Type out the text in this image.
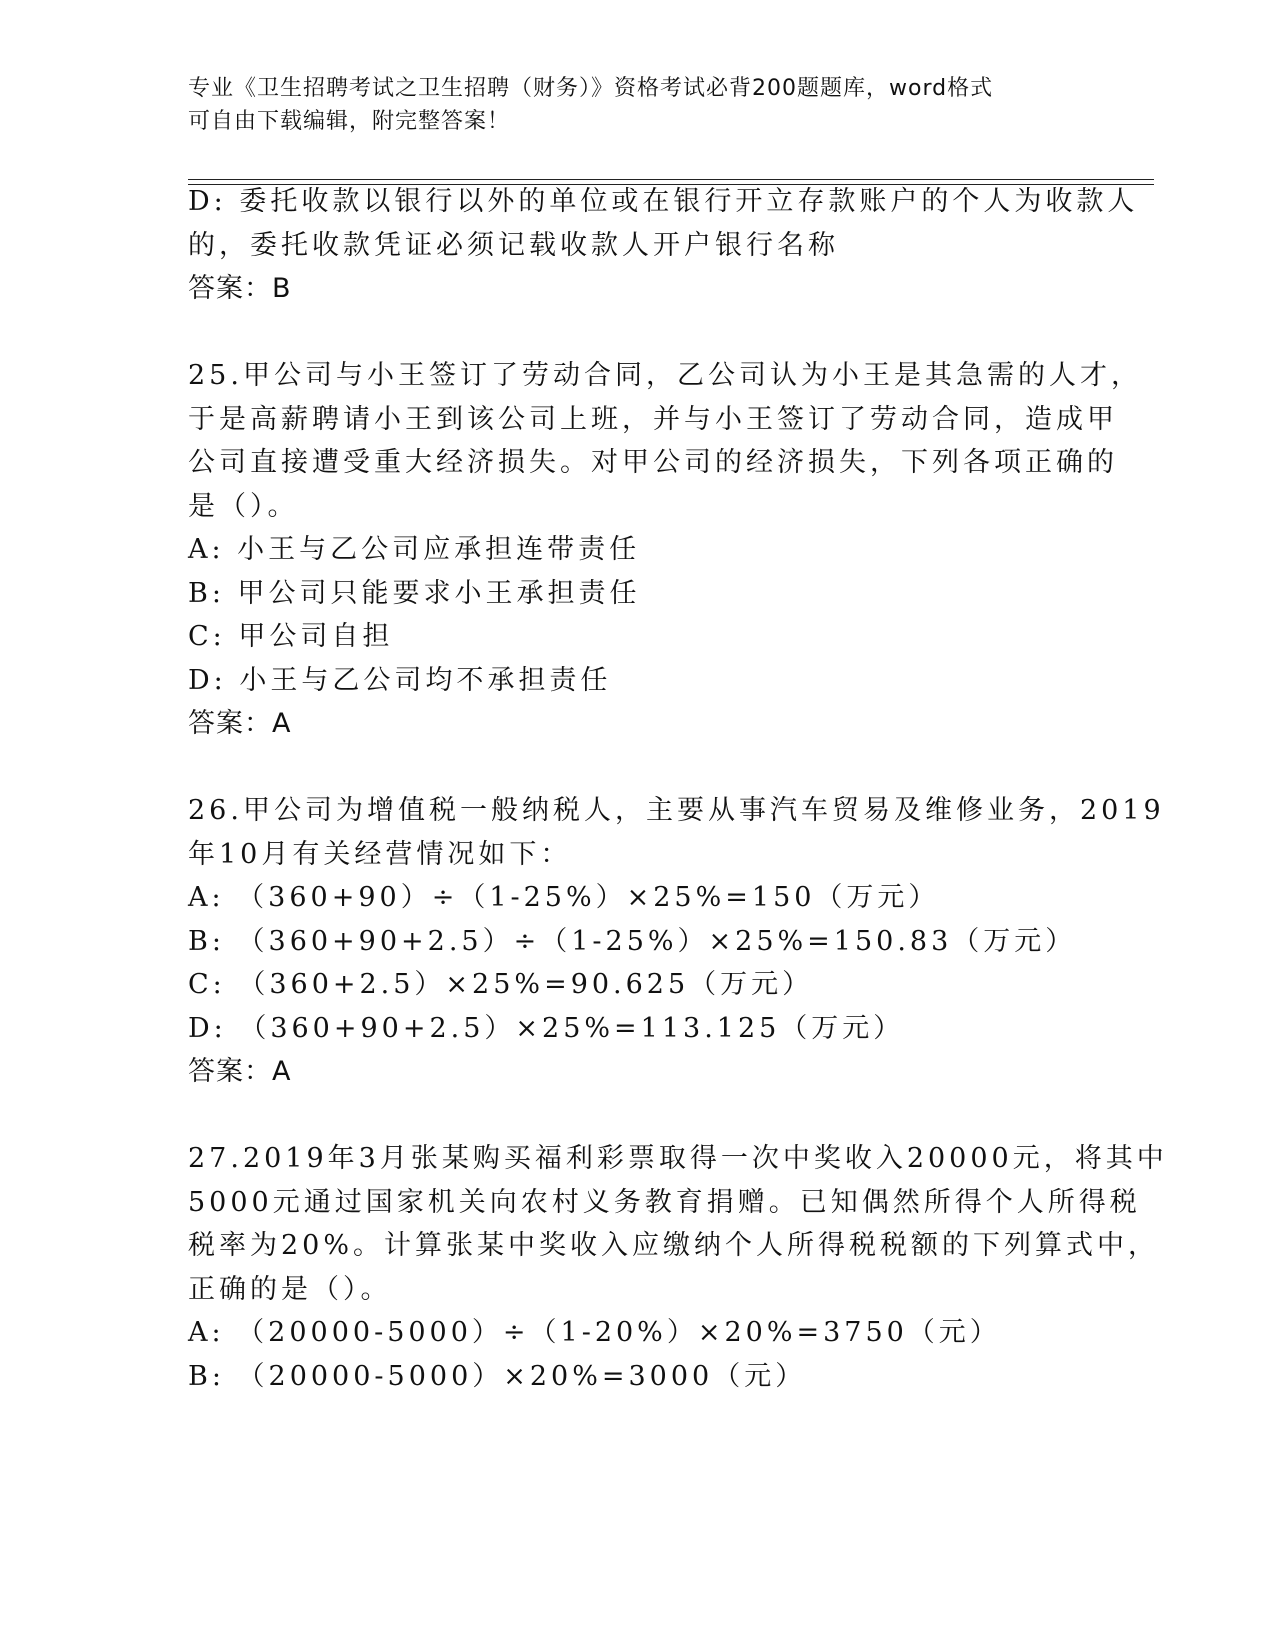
专业《卫生招聘考试之卫生招聘（财务）》资格考试必背200题题库，word格式
可自由下载编辑，附完整答案！
D: 委托收款以银行以外的单位或在银行开立存款账户的个人为收款人
的，委托收款凭证必须记载收款人开户银行名称
答案：B
25.甲公司与小王签订了劳动合同，乙公司认为小王是其急需的人才，
于是高薪聘请小王到该公司上班，并与小王签订了劳动合同，造成甲
公司直接遭受重大经济损失。对甲公司的经济损失，下列各项正确的
是（）。
A: 小王与乙公司应承担连带责任
B: 甲公司只能要求小王承担责任
C: 甲公司自担
D: 小王与乙公司均不承担责任
答案：A
26.甲公司为增值税一般纳税人，主要从事汽车贸易及维修业务，2019
年10月有关经营情况如下：
A: （360+90）÷（1-25%）×25%=150（万元）
B: （360+90+2.5）÷（1-25%）×25%=150.83（万元）
C: （360+2.5）×25%=90.625（万元）
D: （360+90+2.5）×25%=113.125（万元）
答案：A
27.2019年3月张某购买福利彩票取得一次中奖收入20000元，将其中
5000元通过国家机关向农村义务教育捐赠。已知偶然所得个人所得税
税率为20%。计算张某中奖收入应缴纳个人所得税税额的下列算式中，
正确的是（）。
A: （20000-5000）÷（1-20%）×20%=3750（元）
B: （20000-5000）×20%=3000（元）
